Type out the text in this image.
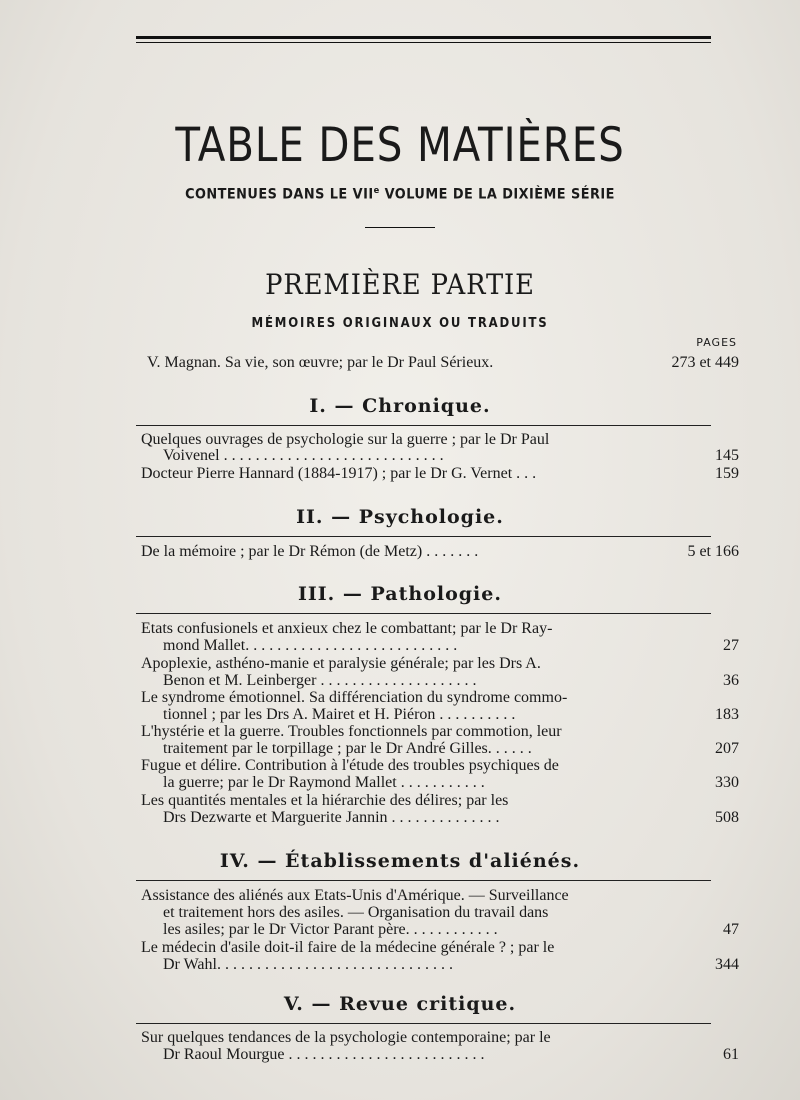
TABLE DES MATIÈRES
CONTENUES DANS LE VIIe VOLUME DE LA DIXIÈME SÉRIE
PREMIÈRE PARTIE
MÉMOIRES ORIGINAUX OU TRADUITS
PAGES
V. Magnan. Sa vie, son œuvre; par le Dr Paul Sérieux.	273 et 449
I. — Chronique.
Quelques ouvrages de psychologie sur la guerre ; par le Dr Paul
Voivenel . . . . . . . . . . . . . . . . . . . . . . . . . . . .	145
Docteur Pierre Hannard (1884-1917) ; par le Dr G. Vernet . . .	159
II. — Psychologie.
De la mémoire ; par le Dr Rémon (de Metz) . . . . . . .	5 et 166
III. — Pathologie.
Etats confusionels et anxieux chez le combattant; par le Dr Ray-
mond Mallet. . . . . . . . . . . . . . . . . . . . . . . . . . .	27
Apoplexie, asthéno-manie et paralysie générale; par les Drs A.
Benon et M. Leinberger . . . . . . . . . . . . . . . . . . . .	36
Le syndrome émotionnel. Sa différenciation du syndrome commo-
tionnel ; par les Drs A. Mairet et H. Piéron . . . . . . . . . .	183
L'hystérie et la guerre. Troubles fonctionnels par commotion, leur
traitement par le torpillage ; par le Dr André Gilles. . . . . .	207
Fugue et délire. Contribution à l'étude des troubles psychiques de
la guerre; par le Dr Raymond Mallet . . . . . . . . . . .	330
Les quantités mentales et la hiérarchie des délires; par les
Drs Dezwarte et Marguerite Jannin . . . . . . . . . . . . . .	508
IV. — Établissements d'aliénés.
Assistance des aliénés aux Etats-Unis d'Amérique. — Surveillance
et traitement hors des asiles. — Organisation du travail dans
les asiles; par le Dr Victor Parant père. . . . . . . . . . . .	47
Le médecin d'asile doit-il faire de la médecine générale ? ; par le
Dr Wahl. . . . . . . . . . . . . . . . . . . . . . . . . . . . . .	344
V. — Revue critique.
Sur quelques tendances de la psychologie contemporaine; par le
Dr Raoul Mourgue . . . . . . . . . . . . . . . . . . . . . . . . .	61
